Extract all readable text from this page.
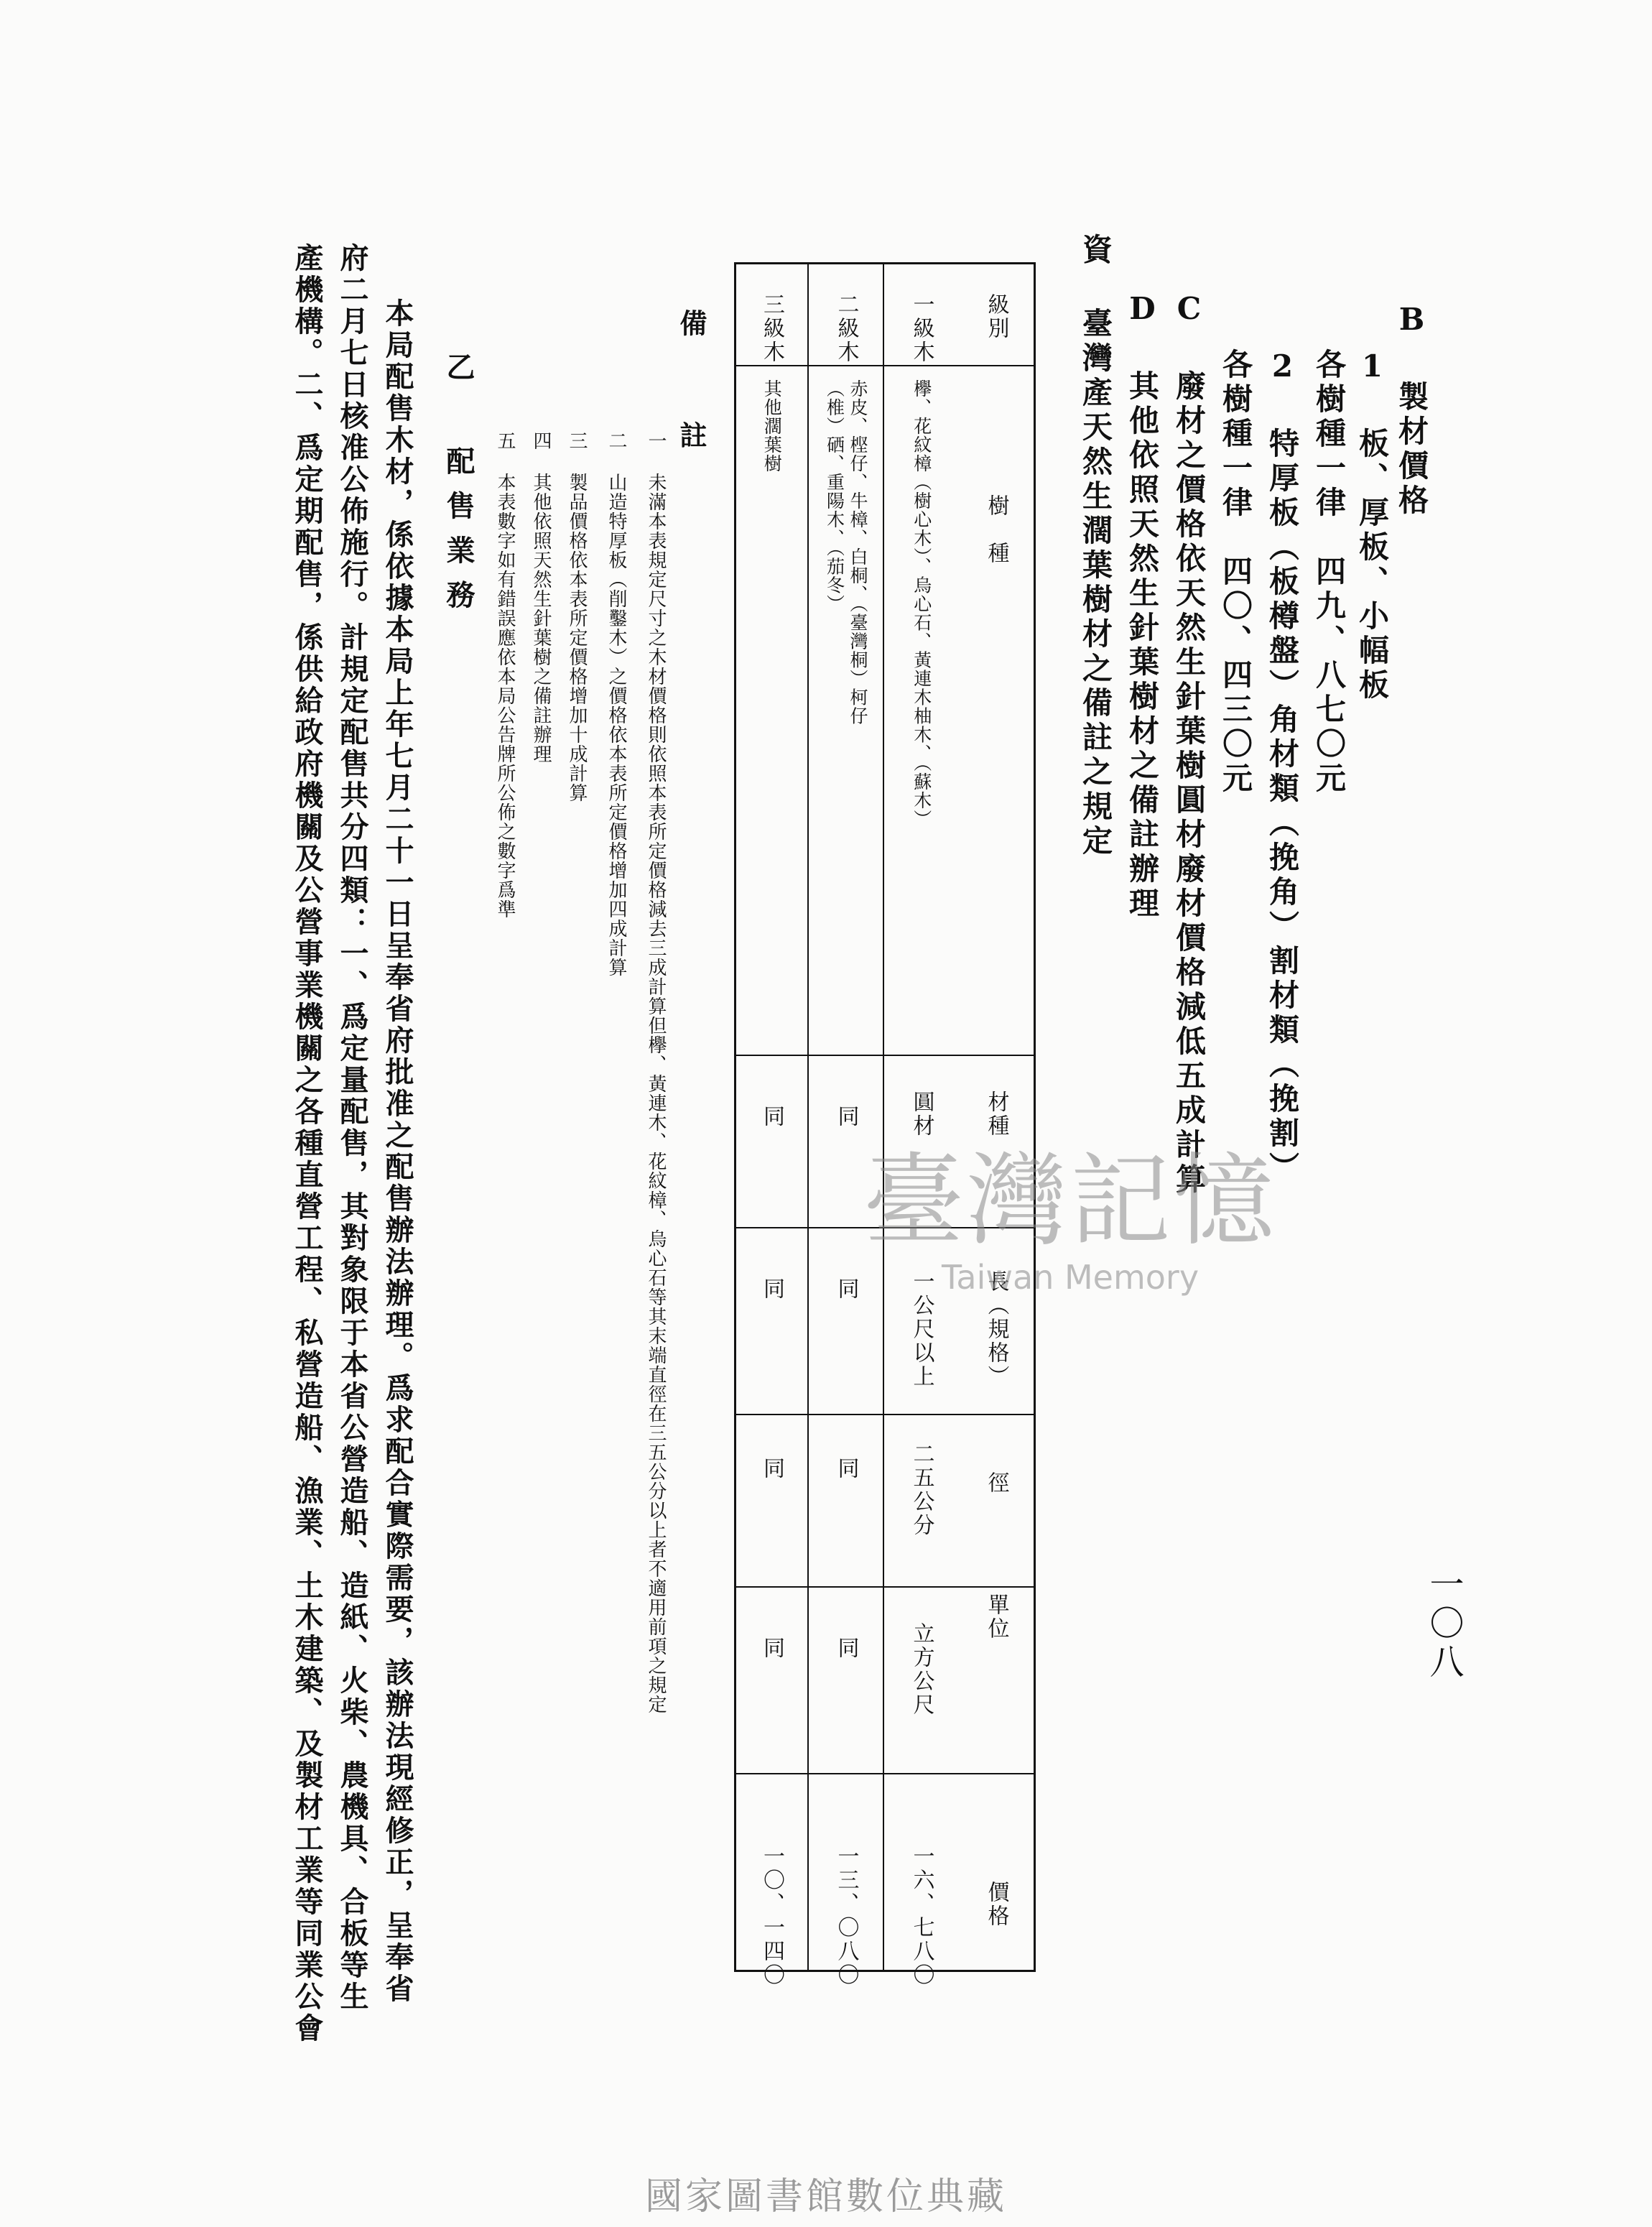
一〇八
B 製材價格
1 板、厚板、小幅板
各樹種一律　四九、八七〇元
2 特厚板（板樽盤）角材類（挽角）割材類（挽割）
各樹種一律　四〇、四三〇元
C 廢材之價格依天然生針葉樹圓材廢材價格減低五成計算
D 其他依照天然生針葉樹材之備註辦理
資 臺灣產天然生濶葉樹材之備註之規定
級別
樹　種
材種
長（規格）
徑
單位
價格
一級木
欅、花紋樟（樹心木）、烏心石、黃連木柚木、（蘇木）
圓材
一公尺以上
二五公分
立方公尺
一六、七八〇
二級木
赤皮、㭴仔、牛樟、白桐、（臺灣桐）柯仔（椎）硒、重陽木、（茄冬）
同
同
同
同
一三、〇八〇
三級木
其他濶葉樹
同
同
同
同
一〇、一四〇
備　註
一 未滿本表規定尺寸之木材價格則依照本表所定價格減去三成計算但欅、黃連木、花紋樟、烏心石等其末端直徑在三五公分以上者不適用前項之規定
二 山造特厚板（削鑿木）之價格依本表所定價格增加四成計算
三 製品價格依本表所定價格增加十成計算
四 其他依照天然生針葉樹之備註辦理
五 本表數字如有錯誤應依本局公告牌所公佈之數字爲準
乙 配售業務
本局配售木材，係依據本局上年七月二十一日呈奉省府批准之配售辦法辦理。爲求配合實際需要，該辦法現經修正，呈奉省
府二月七日核准公佈施行。計規定配售共分四類：一、爲定量配售，其對象限于本省公營造船、造紙、火柴、農機具、合板等生
產機構。二、爲定期配售，係供給政府機關及公營事業機關之各種直營工程、私營造船、漁業、土木建築、及製材工業等同業公會	臺灣記憶
Taiwan Memory
國家圖書館數位典藏
